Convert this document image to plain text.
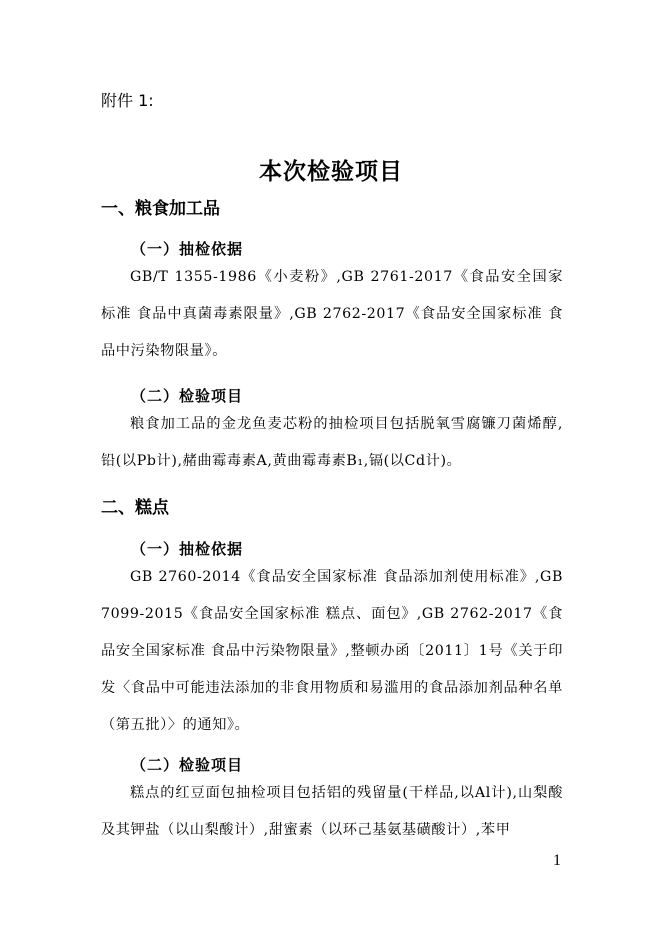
附件 1:
本次检验项目
一、粮食加工品
（一）抽检依据
GB/T 1355-1986《小麦粉》,GB 2761-2017《食品安全国家标准 食品中真菌毒素限量》,GB 2762-2017《食品安全国家标准 食品中污染物限量》。
（二）检验项目
粮食加工品的金龙鱼麦芯粉的抽检项目包括脱氧雪腐镰刀菌烯醇,铅(以Pb计),赭曲霉毒素A,黄曲霉毒素B₁,镉(以Cd计)。
二、糕点
（一）抽检依据
GB 2760-2014《食品安全国家标准 食品添加剂使用标准》,GB 7099-2015《食品安全国家标准 糕点、面包》,GB 2762-2017《食品安全国家标准 食品中污染物限量》,整顿办函〔2011〕1号《关于印发〈食品中可能违法添加的非食用物质和易滥用的食品添加剂品种名单（第五批）〉的通知》。
（二）检验项目
糕点的红豆面包抽检项目包括铝的残留量(干样品,以Al计),山梨酸及其钾盐（以山梨酸计）,甜蜜素（以环己基氨基磺酸计）,苯甲
1
